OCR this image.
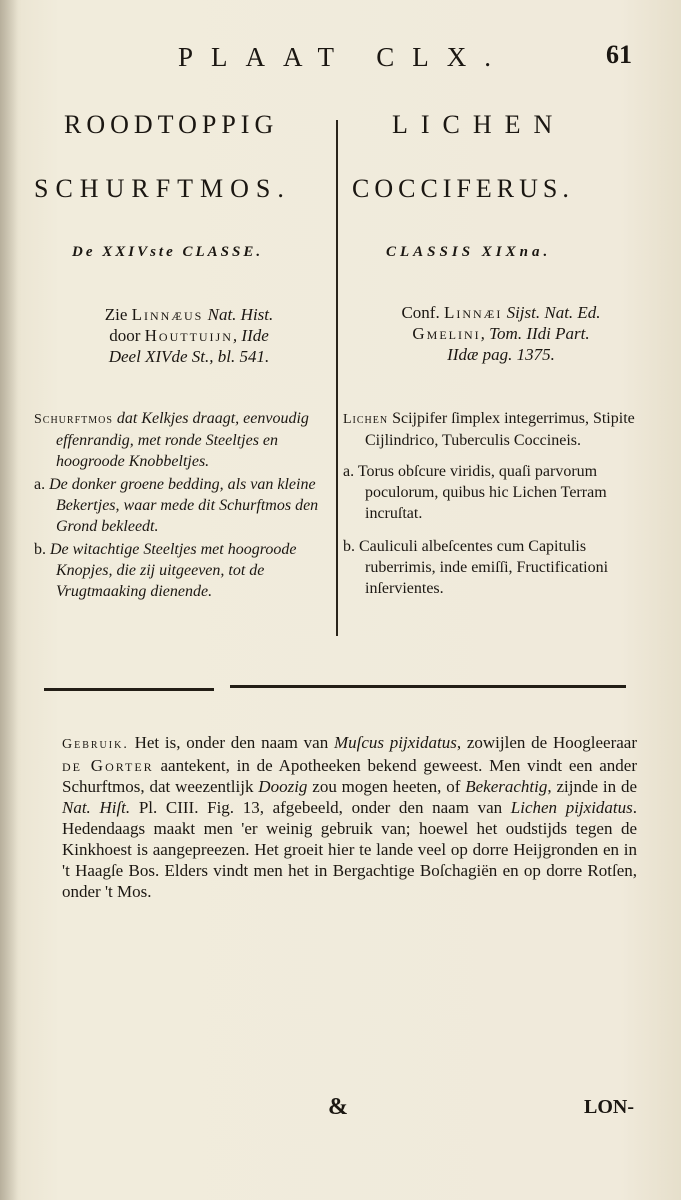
PLAAT CLX.	61
ROODTOPPIG
SCHURFTMOS.
De XXIVste CLASSE.
Zie Linnæus Nat. Hist.
door Houttuijn, IIde
Deel XIVde St., bl. 541.
Schurftmos dat Kelkjes draagt, eenvoudig effenrandig, met ronde Steeltjes en hoogroode Knobbeltjes.
a. De donker groene bedding, als van kleine Bekertjes, waar mede dit Schurftmos den Grond bekleedt.
b. De witachtige Steeltjes met hoogroode Knopjes, die zij uitgeeven, tot de Vrugtmaaking dienende.
LICHEN
COCCIFERUS.
CLASSIS XIXna.
Conf. Linnæi Sijst. Nat. Ed.
Gmelini, Tom. IIdi Part.
IIdæ pag. 1375.
Lichen Scijpifer ſimplex integerrimus, Stipite Cijlindrico, Tuberculis Coccineis.
a. Torus obſcure viridis, quaſi parvorum poculorum, quibus hic Lichen Terram incruſtat.
b. Cauliculi albeſcentes cum Capitulis ruberrimis, inde emiſſi, Fructificationi inſervientes.
Gebruik. Het is, onder den naam van Muſcus pijxidatus, zowijlen de Hoogleeraar de Gorter aantekent, in de Apotheeken bekend geweest. Men vindt een ander Schurftmos, dat weezentlijk Doozig zou mogen heeten, of Bekerachtig, zijnde in de Nat. Hiſt. Pl. CIII. Fig. 13, afgebeeld, onder den naam van Lichen pijxidatus. Hedendaags maakt men 'er weinig gebruik van; hoewel het oudstijds tegen de Kinkhoest is aangepreezen. Het groeit hier te lande veel op dorre Heijgronden en in 't Haagſe Bos. Elders vindt men het in Bergachtige Boſchagiën en op dorre Rotſen, onder 't Mos.
&	LON-
